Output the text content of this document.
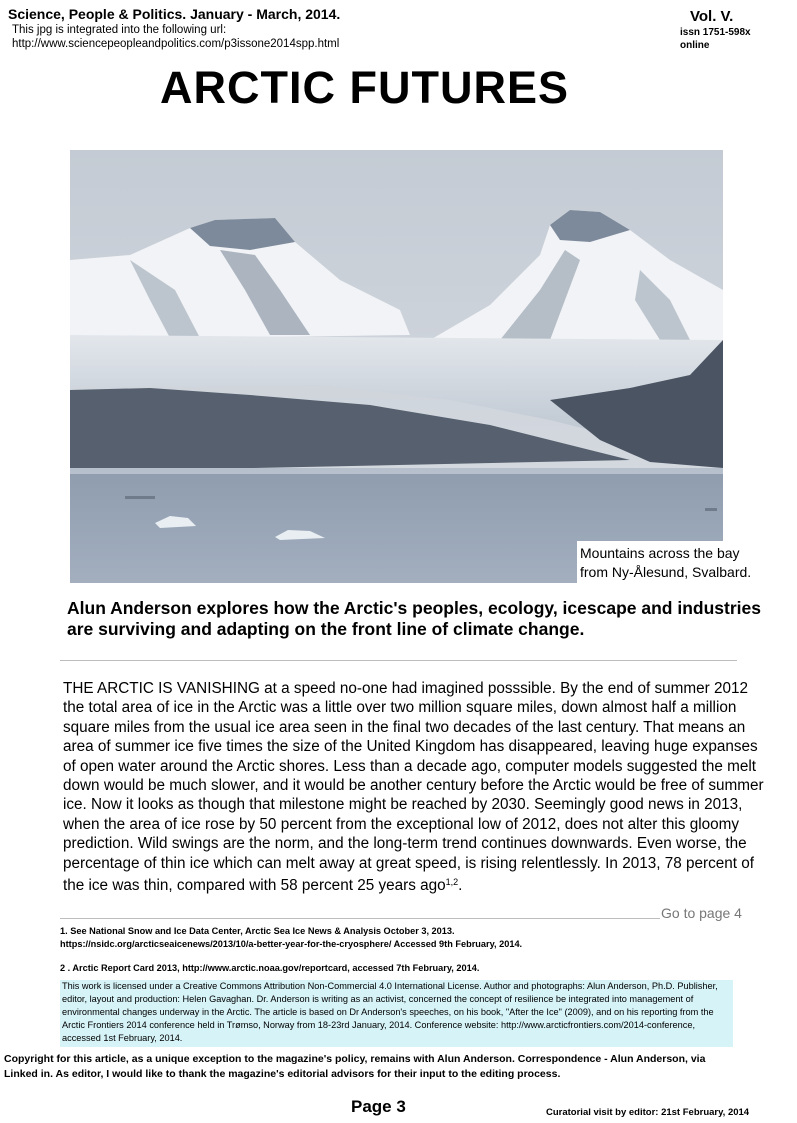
Science, People & Politics. January - March, 2014.
This jpg is integrated into the following url:
http://www.sciencepeopleandpolitics.com/p3issone2014spp.html
Vol. V.
issn 1751-598x
online
ARCTIC FUTURES
Mountains across the bay
from Ny-Ålesund, Svalbard.
Alun Anderson explores how the Arctic's peoples, ecology, icescape and industries are surviving and adapting on the front line of climate change.
THE ARCTIC IS VANISHING at a speed no-one had imagined posssible. By the end of summer 2012 the total area of ice in the Arctic was a little over two million square miles, down almost half a million square miles from the usual ice area seen in the final two decades of the last century. That means an area of summer ice five times the size of the United Kingdom has disappeared, leaving huge expanses of open water around the Arctic shores. Less than a decade ago, computer models suggested the melt down would be much slower, and it would be another century before the Arctic would be free of summer ice. Now it looks as though that milestone might be reached by 2030. Seemingly good news in 2013, when the area of ice rose by 50 percent from the exceptional low of 2012, does not alter this gloomy prediction. Wild swings are the norm, and the long-term trend continues downwards. Even worse, the percentage of thin ice which can melt away at great speed, is rising relentlessly. In 2013, 78 percent of the ice was thin, compared with 58 percent 25 years ago$^{1,2}$.
Go to page 4
1. See National Snow and Ice Data Center, Arctic Sea Ice News & Analysis October 3, 2013.
https://nsidc.org/arcticseaicenews/2013/10/a-better-year-for-the-cryosphere/ Accessed 9th February, 2014.
2 . Arctic Report Card 2013, http://www.arctic.noaa.gov/reportcard, accessed 7th February, 2014.
This work is licensed under a Creative Commons Attribution Non-Commercial 4.0 International License. Author and photographs: Alun Anderson, Ph.D. Publisher, editor, layout and production: Helen Gavaghan. Dr. Anderson is writing as an activist, concerned the concept of resilience be integrated into management of environmental changes underway in the Arctic. The article is based on Dr Anderson's speeches, on his book, "After the Ice" (2009), and on his reporting from the Arctic Frontiers 2014 conference held in Trømso, Norway from 18-23rd January, 2014. Conference website: http://www.arcticfrontiers.com/2014-conference, accessed 1st February, 2014.
Copyright for this article, as a unique exception to the magazine's policy, remains with Alun Anderson. Correspondence - Alun Anderson, via Linked in. As editor, I would like to thank the magazine's editorial advisors for their input to the editing process.
Page 3	Curatorial visit by editor: 21st February, 2014
